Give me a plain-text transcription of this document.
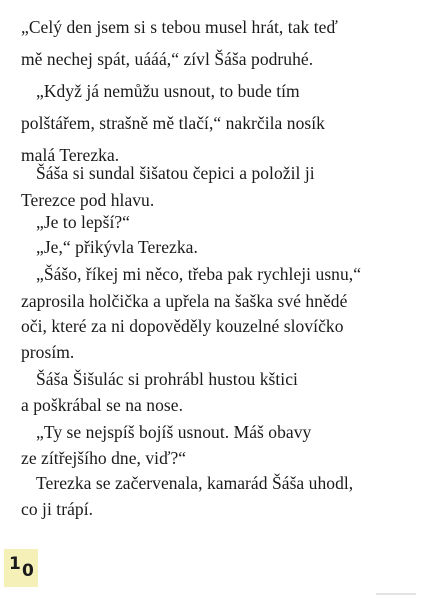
„Celý den jsem si s tebou musel hrát, tak teď
mě nechej spát, uááá,“ zívl Šáša podruhé.
„Když já nemůžu usnout, to bude tím
polštářem, strašně mě tlačí,“ nakrčila nosík
malá Terezka.
Šáša si sundal šišatou čepici a položil ji
Terezce pod hlavu.
„Je to lepší?“
„Je,“ přikývla Terezka.
„Šášo, říkej mi něco, třeba pak rychleji usnu,“
zaprosila holčička a upřela na šaška své hnědé
oči, které za ni dopověděly kouzelné slovíčko
prosím.
Šáša Šišulác si prohrábl hustou kštici
a poškrábal se na nose.
„Ty se nejspíš bojíš usnout. Máš obavy
ze zítřejšího dne, viď?“
Terezka se začervenala, kamarád Šáša uhodl,
co ji trápí.
1 0
